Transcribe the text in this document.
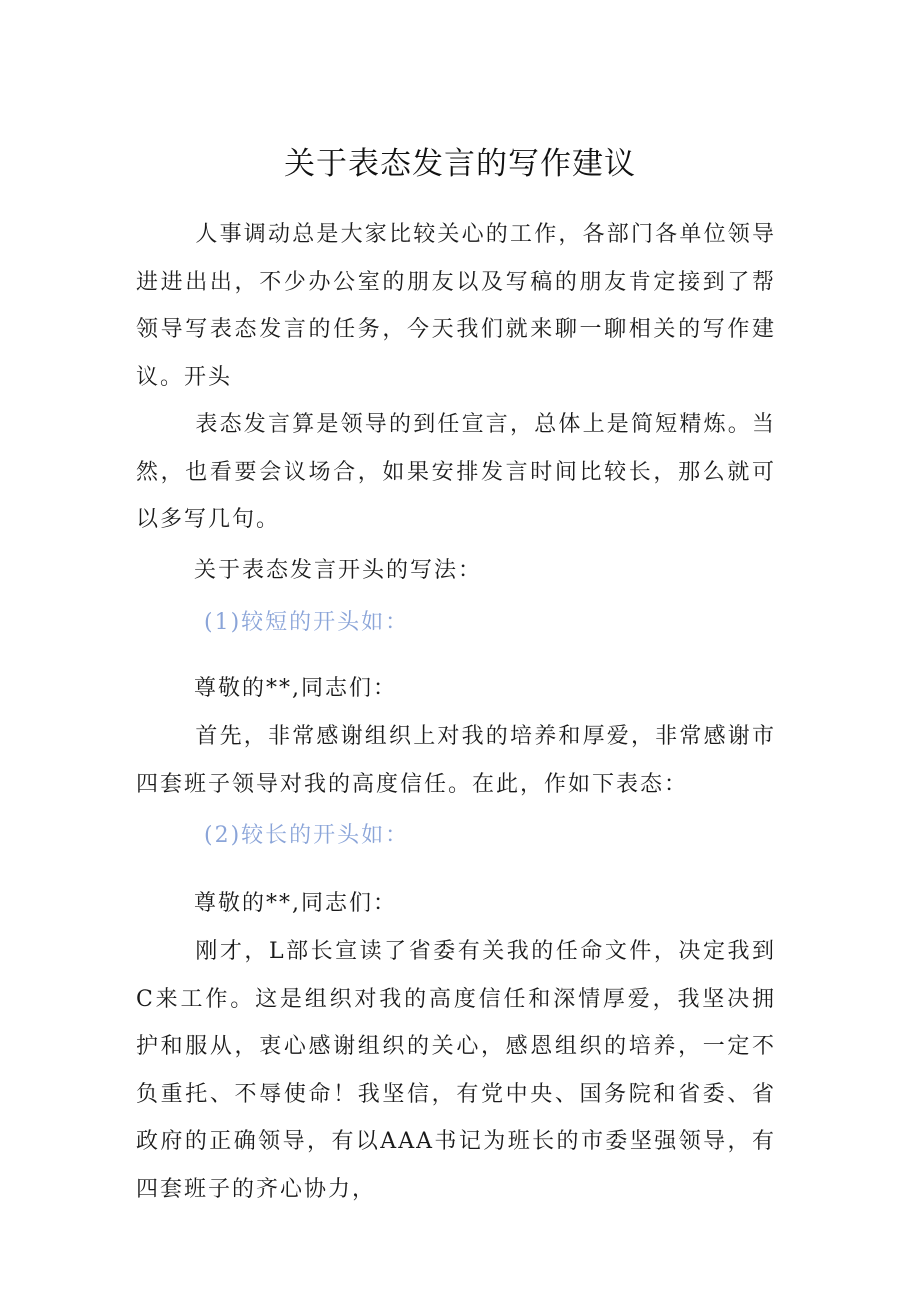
关于表态发言的写作建议

人事调动总是大家比较关心的工作，各部门各单位领导进进出出，不少办公室的朋友以及写稿的朋友肯定接到了帮领导写表态发言的任务，今天我们就来聊一聊相关的写作建议。开头

表态发言算是领导的到任宣言，总体上是简短精炼。当然，也看要会议场合，如果安排发言时间比较长，那么就可以多写几句。

关于表态发言开头的写法：

(1)较短的开头如：

尊敬的**,同志们：

首先，非常感谢组织上对我的培养和厚爱，非常感谢市四套班子领导对我的高度信任。在此，作如下表态：

(2)较长的开头如：

尊敬的**,同志们：

刚才，L部长宣读了省委有关我的任命文件，决定我到C来工作。这是组织对我的高度信任和深情厚爱，我坚决拥护和服从，衷心感谢组织的关心，感恩组织的培养，一定不负重托、不辱使命！我坚信，有党中央、国务院和省委、省政府的正确领导，有以AAA书记为班长的市委坚强领导，有四套班子的齐心协力，
